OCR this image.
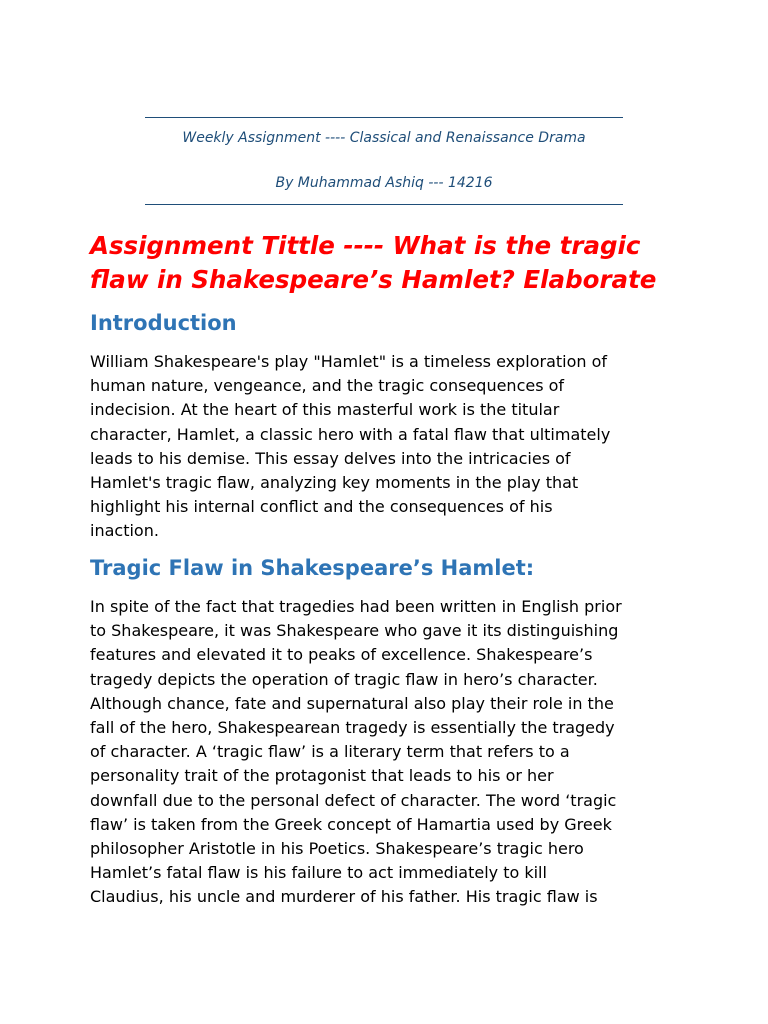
Weekly Assignment ---- Classical and Renaissance Drama
By Muhammad Ashiq --- 14216
Assignment Tittle ---- What is the tragic
flaw in Shakespeare’s Hamlet? Elaborate
Introduction

William Shakespeare's play "Hamlet" is a timeless exploration of
human nature, vengeance, and the tragic consequences of
indecision. At the heart of this masterful work is the titular
character, Hamlet, a classic hero with a fatal flaw that ultimately
leads to his demise. This essay delves into the intricacies of
Hamlet's tragic flaw, analyzing key moments in the play that
highlight his internal conflict and the consequences of his
inaction.

Tragic Flaw in Shakespeare’s Hamlet:

In spite of the fact that tragedies had been written in English prior
to Shakespeare, it was Shakespeare who gave it its distinguishing
features and elevated it to peaks of excellence. Shakespeare’s
tragedy depicts the operation of tragic flaw in hero’s character.
Although chance, fate and supernatural also play their role in the
fall of the hero, Shakespearean tragedy is essentially the tragedy
of character. A ‘tragic flaw’ is a literary term that refers to a
personality trait of the protagonist that leads to his or her
downfall due to the personal defect of character. The word ‘tragic
flaw’ is taken from the Greek concept of Hamartia used by Greek
philosopher Aristotle in his Poetics. Shakespeare’s tragic hero
Hamlet’s fatal flaw is his failure to act immediately to kill
Claudius, his uncle and murderer of his father. His tragic flaw is
